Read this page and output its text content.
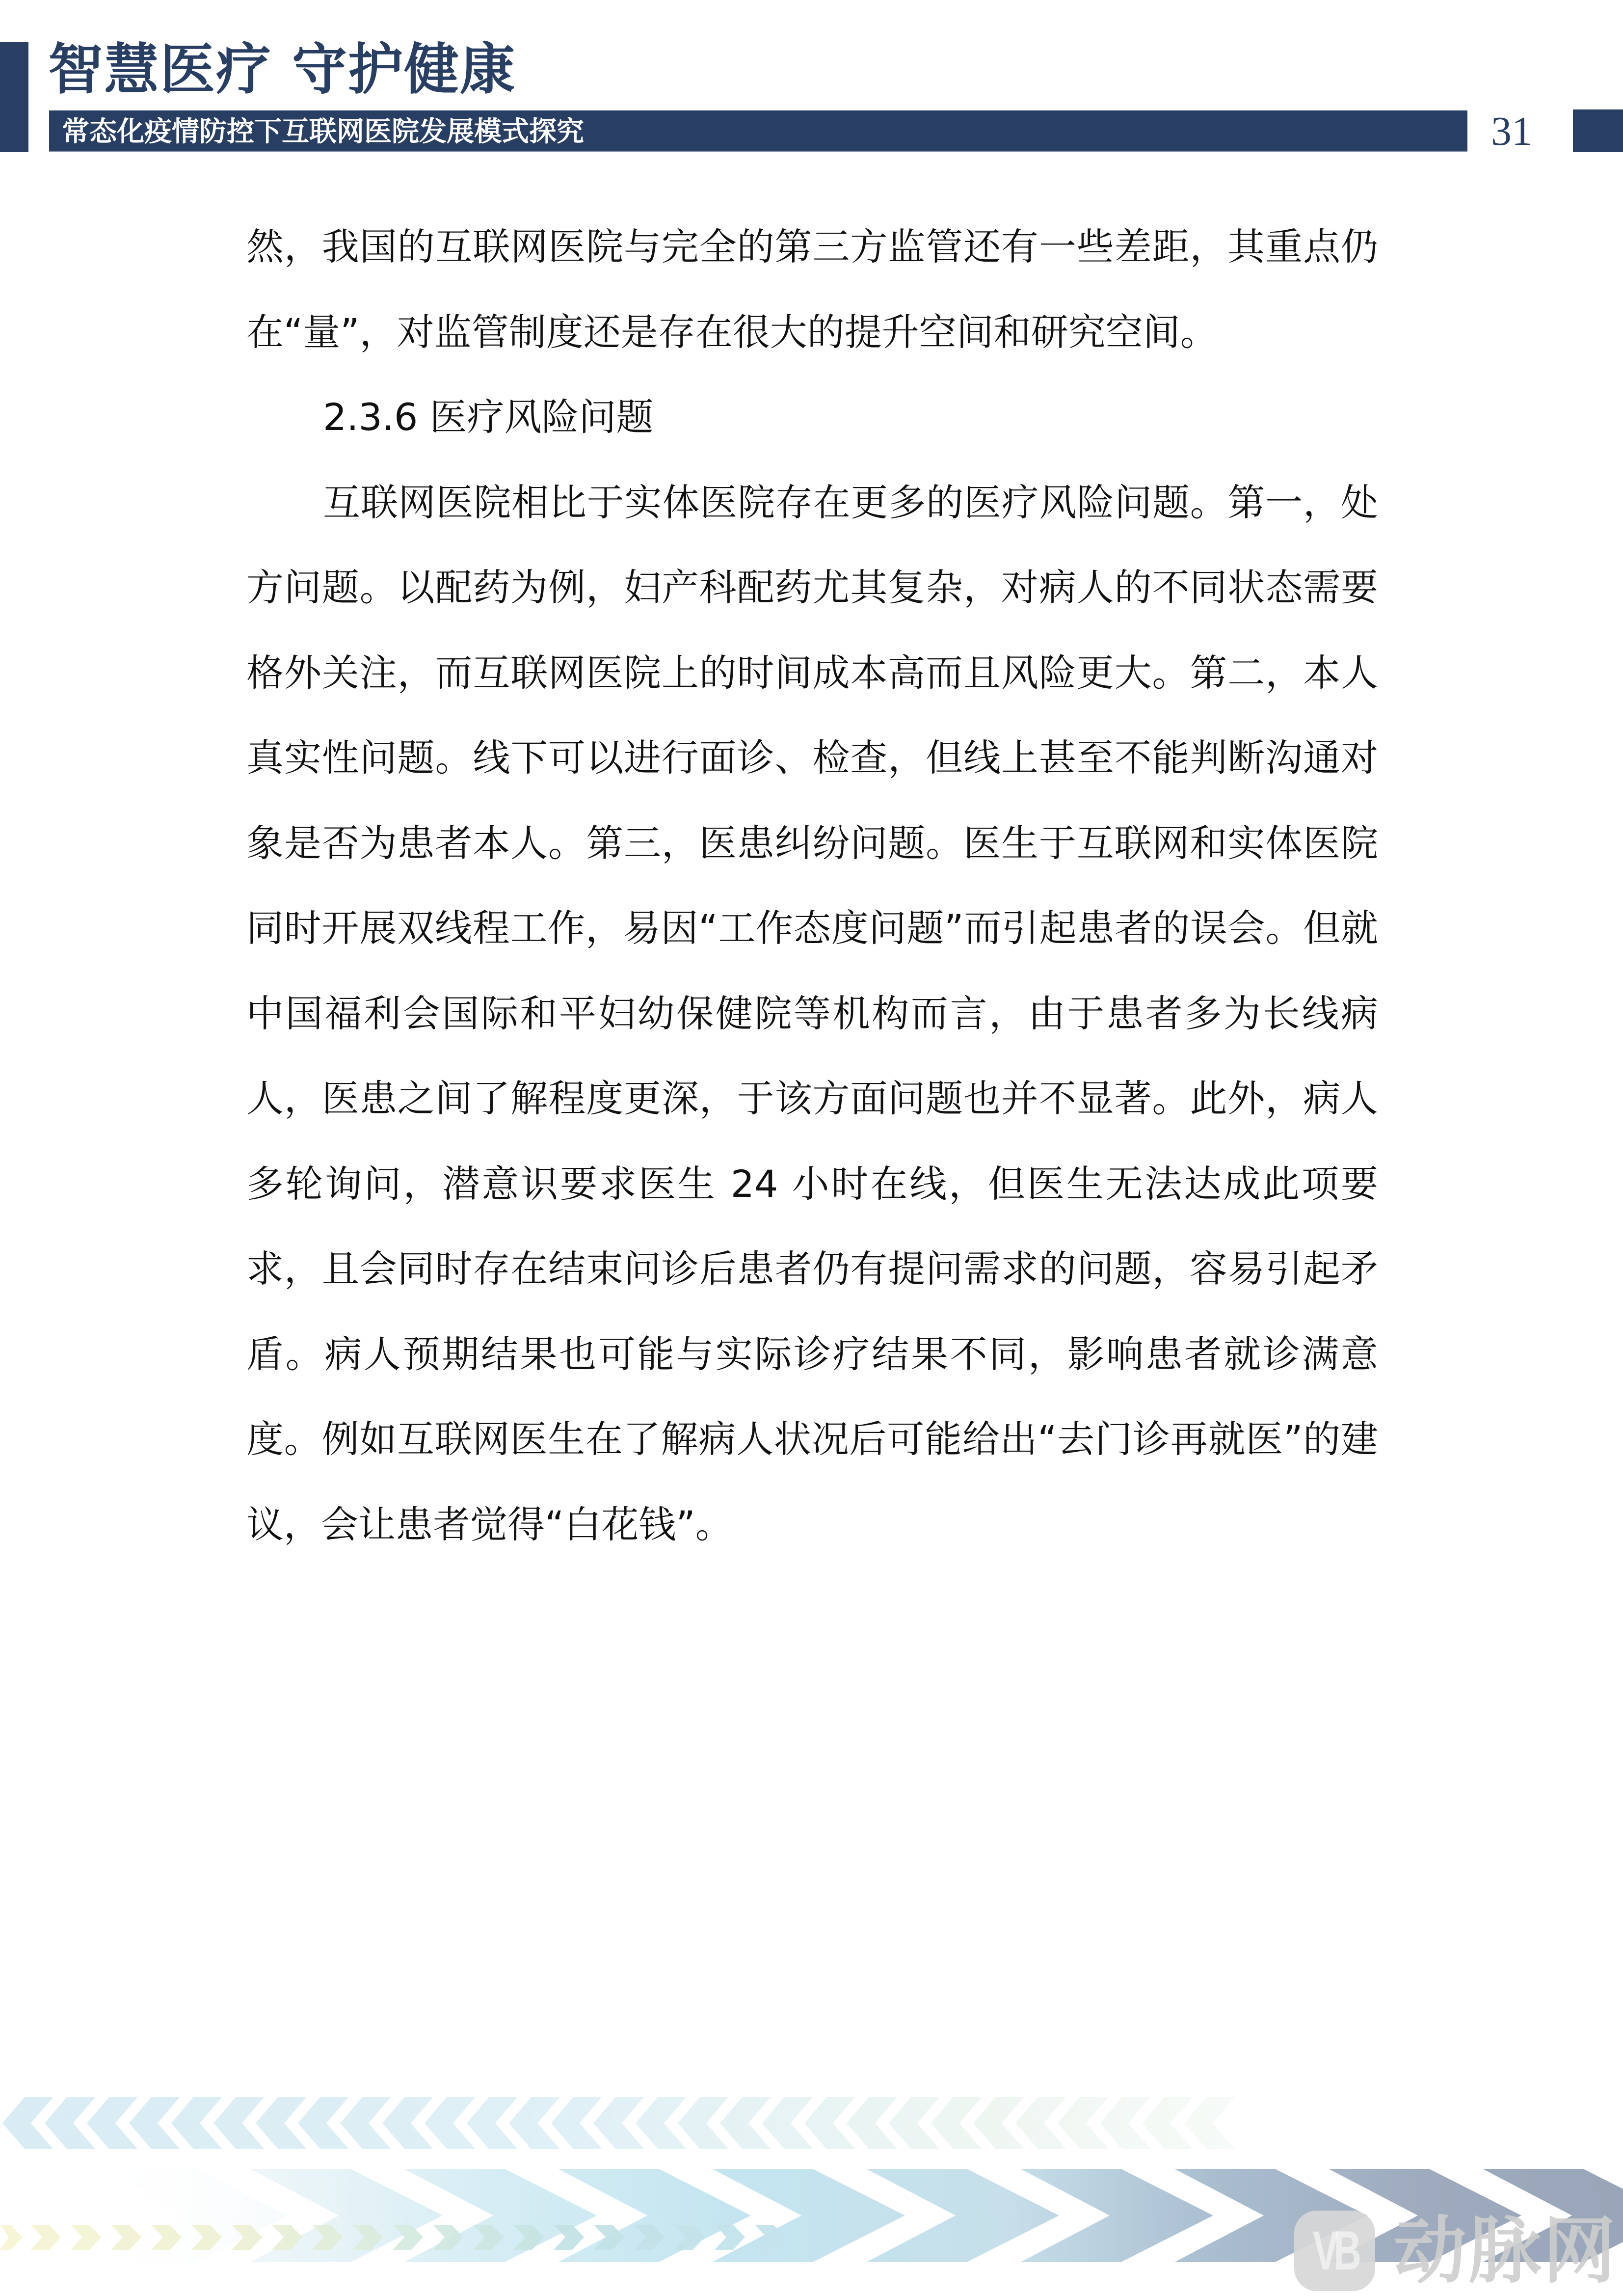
智慧医疗 守护健康
常态化疫情防控下互联网医院发展模式探究	31

然，我国的互联网医院与完全的第三方监管还有一些差距，其重点仍在“量”，对监管制度还是存在很大的提升空间和研究空间。

2.3.6 医疗风险问题

互联网医院相比于实体医院存在更多的医疗风险问题。第一，处方问题。以配药为例，妇产科配药尤其复杂，对病人的不同状态需要格外关注，而互联网医院上的时间成本高而且风险更大。第二，本人真实性问题。线下可以进行面诊、检查，但线上甚至不能判断沟通对象是否为患者本人。第三，医患纠纷问题。医生于互联网和实体医院同时开展双线程工作，易因“工作态度问题”而引起患者的误会。但就中国福利会国际和平妇幼保健院等机构而言，由于患者多为长线病人，医患之间了解程度更深，于该方面问题也并不显著。此外，病人多轮询问，潜意识要求医生 24 小时在线，但医生无法达成此项要求，且会同时存在结束问诊后患者仍有提问需求的问题，容易引起矛盾。病人预期结果也可能与实际诊疗结果不同，影响患者就诊满意度。例如互联网医生在了解病人状况后可能给出“去门诊再就医”的建议，会让患者觉得“白花钱”。

VB 动脉网
